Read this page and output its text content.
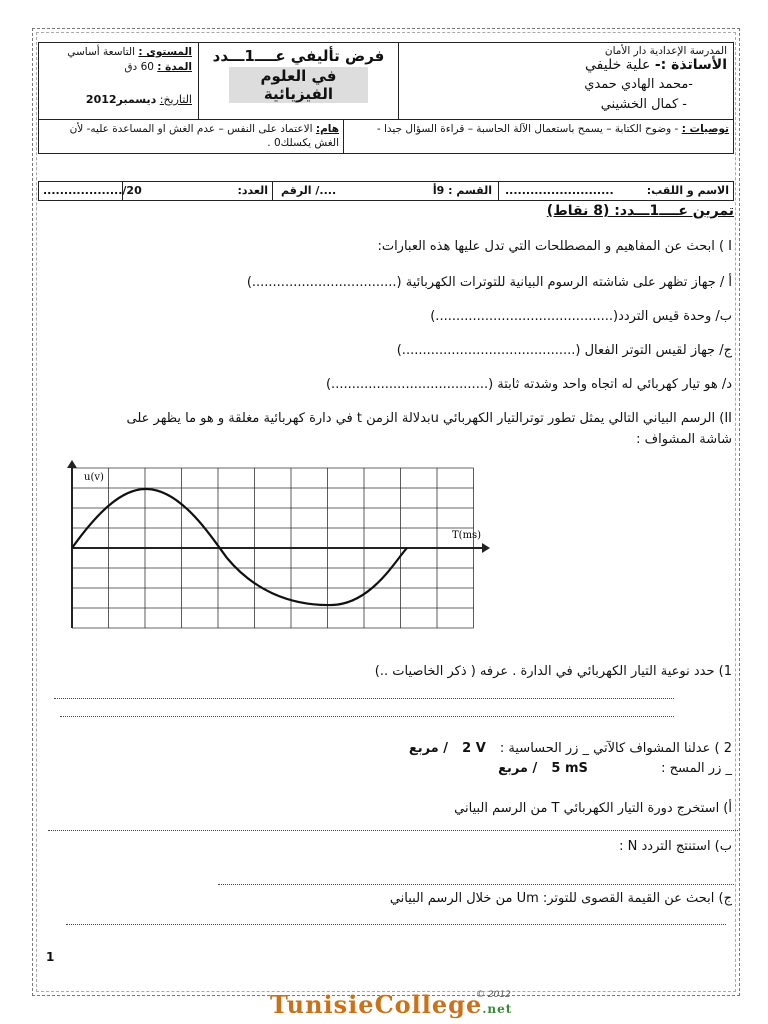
المستوى : التاسعة أساسي
المدة : 60 دق
التاريخ: ديسمبر2012
فرض تأليفي عــــ1ـــدد
في العلوم الفيزيائية
المدرسة الإعدادية دار الأمان
الأساتذة :- علية خليفي
-محمد الهادي حمدي
- كمال الخشيني
هام: الاعتماد على النفس – عدم الغش او المساعدة عليه- لأن الغش يكسلك0 .
توصيات : - وضوح الكتابة – يسمح باستعمال الآلة الحاسبة – قراءة السؤال جيدا -
.................../20	العدد: ..../ الرقم	القسم : 9أ ..........................	الاسم و اللقب:
تمرين عــــ1ـــدد: (8 نقاط)
I ) ابحث عن المفاهيم و المصطلحات التي تدل عليها هذه العبارات:
أ / جهاز تظهر على شاشته الرسوم البيانية للتوترات الكهربائية (...................................)
ب/ وحدة قيس التردد(...........................................)
ج/ جهاز لقيس التوتر الفعال (..........................................)
د/ هو تيار كهربائي له اتجاه واحد وشدته ثابتة (......................................)
II) الرسم البياني التالي يمثل تطور توترالتيار الكهربائي uبدلالة الزمن t في دارة كهربائية مغلقة و هو ما يظهر على
شاشة المشواف :
u(v)
T(ms)
1) حدد نوعية التيار الكهربائي في الدارة . عرفه ( ذكر الخاصيات ..)
2 ) عدلنا المشواف كالآتي _ زر الحساسية : 2 V / مربع
_ زر المسح : 5 mS / مربع
أ) استخرج دورة التيار الكهربائي T من الرسم البياني
ب) استنتج التردد N :
ج) ابحث عن القيمة القصوى للتوتر: Um من خلال الرسم البياني
1
TunisieCollege.net
© 2012
